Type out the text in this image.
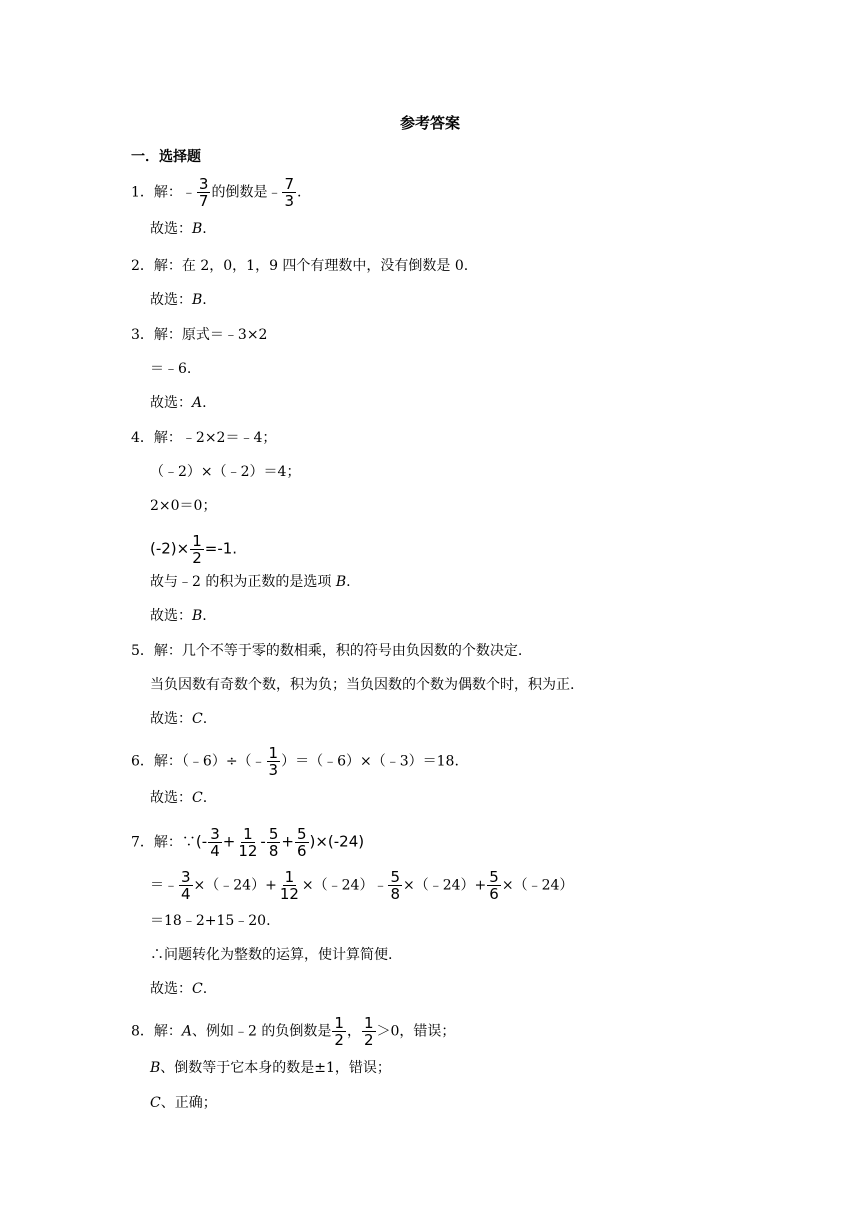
参考答案
一．选择题
1．解：﹣ $\frac{3}{7}$ 的倒数是﹣ $\frac{7}{3}$ .
故选：B.
2．解：在 2，0，1，9 四个有理数中，没有倒数是 0.
故选：B.
3．解：原式＝﹣3×2
＝﹣6.
故选：A.
4．解：﹣2×2＝﹣4；
（﹣2）×（﹣2）＝4；
2×0＝0；
$(-2)\times \frac{1}{2} =-1$.
故与﹣2 的积为正数的是选项 B.
故选：B.
5．解：几个不等于零的数相乘，积的符号由负因数的个数决定.
当负因数有奇数个数，积为负；当负因数的个数为偶数个时，积为正.
故选：C.
6．解：（﹣6）÷（﹣ $\frac{1}{3}$ ）＝（﹣6）×（﹣3）＝18.
故选：C.
7．解：∵(- $\frac{3}{4} + \frac{1}{12} - \frac{5}{8} + \frac{5}{6} )\times(-24)$
＝﹣ $\frac{3}{4}$ ×（﹣24）+ $\frac{1}{12}$ ×（﹣24）﹣ $\frac{5}{8}$ ×（﹣24）+ $\frac{5}{6}$ ×（﹣24）
＝18﹣2+15﹣20.
∴问题转化为整数的运算，使计算简便.
故选：C.
8．解：A、例如﹣2 的负倒数是 $\frac{1}{2}$ ， $\frac{1}{2} >0$，错误；
B、倒数等于它本身的数是±1，错误；
C、正确；
